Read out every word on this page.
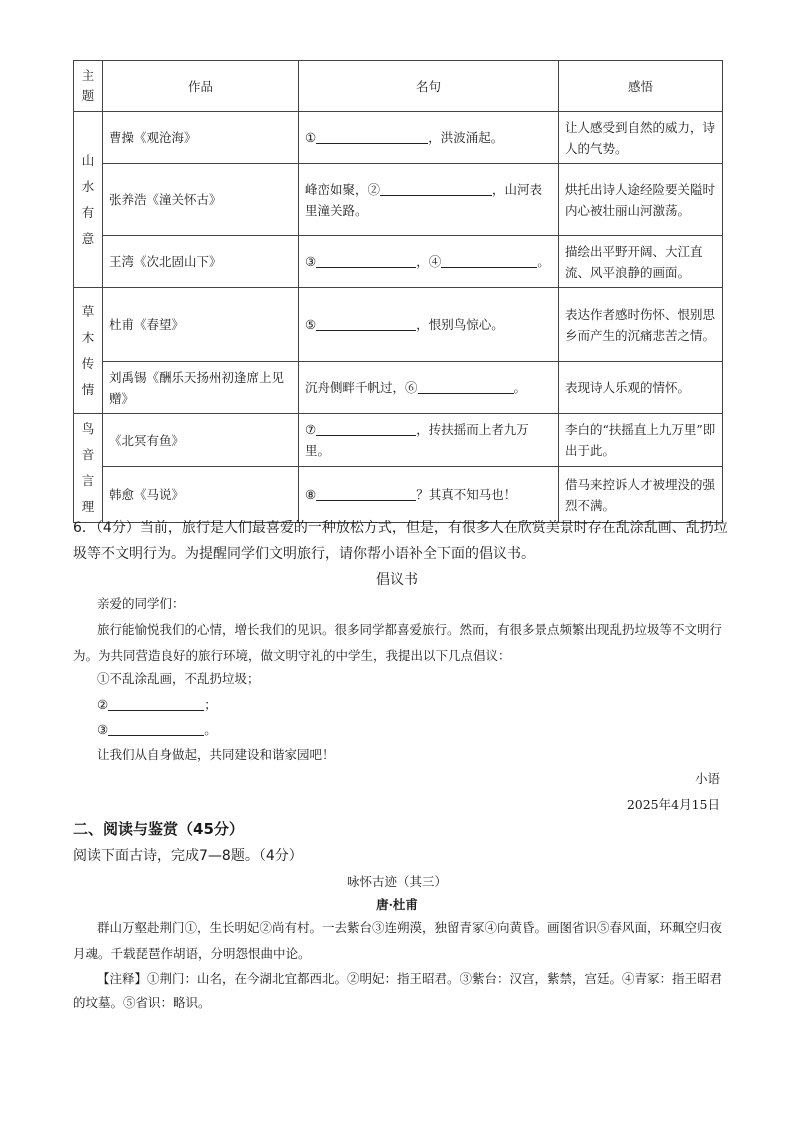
主题	作品	名句	感悟

山水有意	曹操《观沧海》	① ，洪波涌起。	让人感受到自然的威力，诗人的气势。
	张养浩《潼关怀古》	峰峦如聚，② ，山河表里潼关路。	烘托出诗人途经险要关隘时内心被壮丽山河激荡。
	王湾《次北固山下》	③ ，④ 。	描绘出平野开阔、大江直流、风平浪静的画面。

草木传情	杜甫《春望》	⑤ ，恨别鸟惊心。	表达作者感时伤怀、恨别思乡而产生的沉痛悲苦之情。
	刘禹锡《酬乐天扬州初逢席上见赠》	沉舟侧畔千帆过，⑥ 。	表现诗人乐观的情怀。

鸟音言理	《北冥有鱼》	⑦ ，抟扶摇而上者九万里。	李白的“扶摇直上九万里”即出于此。
	韩愈《马说》	⑧ ？其真不知马也！	借马来控诉人才被埋没的强烈不满。
6．（4分）当前，旅行是人们最喜爱的一种放松方式，但是，有很多人在欣赏美景时存在乱涂乱画、乱扔垃圾等不文明行为。为提醒同学们文明旅行，请你帮小语补全下面的倡议书。
倡议书
亲爱的同学们：
旅行能愉悦我们的心情，增长我们的见识。很多同学都喜爱旅行。然而，有很多景点频繁出现乱扔垃圾等不文明行为。为共同营造良好的旅行环境，做文明守礼的中学生，我提出以下几点倡议：
①不乱涂乱画，不乱扔垃圾；
②	；
③	。
让我们从自身做起，共同建设和谐家园吧！
小语
2025年4月15日
二、阅读与鉴赏（45分）
阅读下面古诗，完成7—8题。（4分）
咏怀古迹（其三）
唐·杜甫
群山万壑赴荆门①，生长明妃②尚有村。一去紫台③连朔漠，独留青冢④向黄昏。画图省识⑤春风面，环珮空归夜月魂。千载琵琶作胡语，分明怨恨曲中论。
【注释】①荆门：山名，在今湖北宜都西北。②明妃：指王昭君。③紫台：汉宫，紫禁，宫廷。④青冢：指王昭君的坟墓。⑤省识：略识。
